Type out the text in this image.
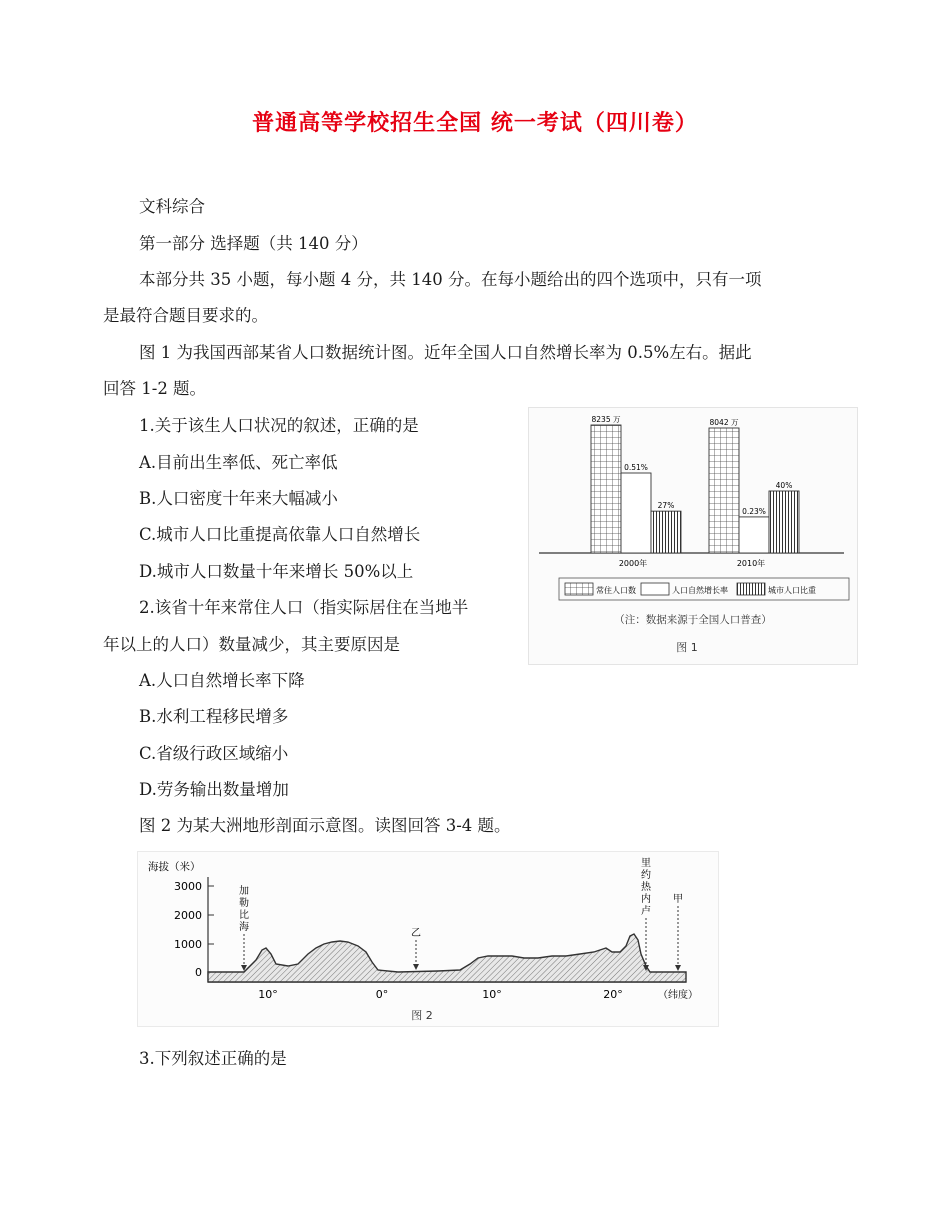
普通高等学校招生全国 统一考试（四川卷）
文科综合
第一部分 选择题（共 140 分）
本部分共 35 小题，每小题 4 分，共 140 分。在每小题给出的四个选项中，只有一项
是最符合题目要求的。
图 1 为我国西部某省人口数据统计图。近年全国人口自然增长率为 0.5%左右。据此
回答 1-2 题。
1.关于该生人口状况的叙述，正确的是
A.目前出生率低、死亡率低
B.人口密度十年来大幅减小
C.城市人口比重提高依靠人口自然增长
D.城市人口数量十年来增长 50%以上
2.该省十年来常住人口（指实际居住在当地半
年以上的人口）数量减少，其主要原因是
A.人口自然增长率下降
B.水利工程移民增多
C.省级行政区域缩小
D.劳务输出数量增加
图 2 为某大洲地形剖面示意图。读图回答 3-4 题。
3.下列叙述正确的是
8235 万
0.51%
27%
8042 万
0.23%
40%
2000年	2010年
常住人口数	人口自然增长率	城市人口比重
（注：数据来源于全国人口普查）
图 1
海拔（米）
3000
2000
1000
0
加
勒
比
海
乙
里
约
热
内
卢
甲
10°	0°	10°	20°	（纬度）
图 2
